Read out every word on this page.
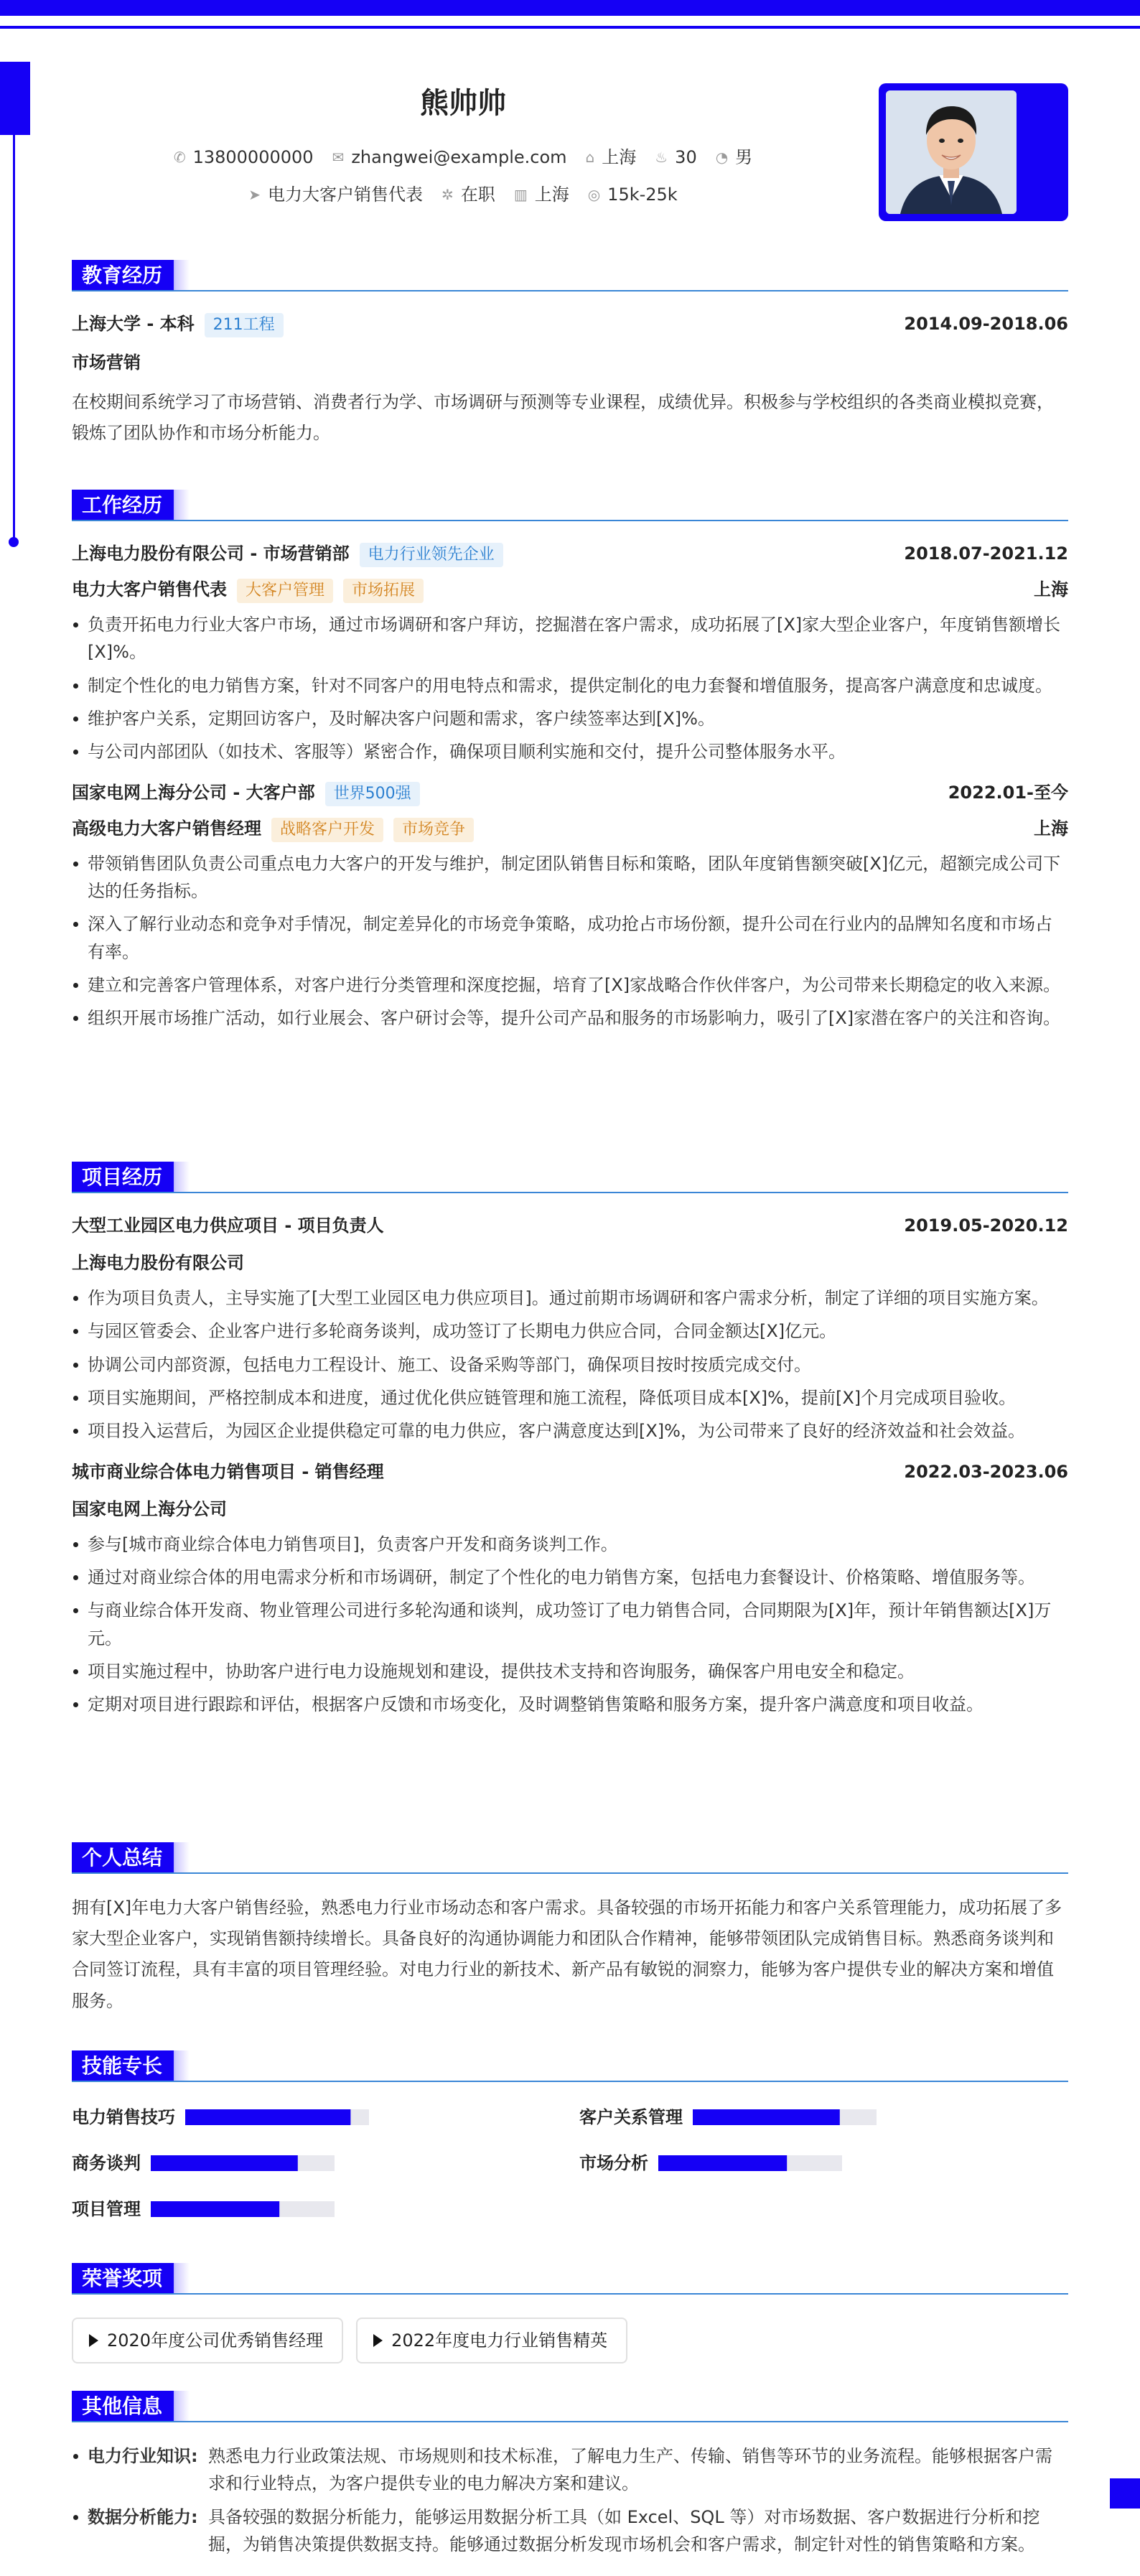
熊帅帅
✆ 13800000000 ✉ zhangwei@example.com ⌂ 上海 ♨ 30 ◔ 男
➤ 电力大客户销售代表 ✲ 在职 ▥ 上海 ◎ 15k-25k
教育经历
上海大学 - 本科 211工程	2014.09-2018.06
市场营销
在校期间系统学习了市场营销、消费者行为学、市场调研与预测等专业课程，成绩优异。积极参与学校组织的各类商业模拟竞赛，锻炼了团队协作和市场分析能力。
工作经历
上海电力股份有限公司 - 市场营销部 电力行业领先企业	2018.07-2021.12
电力大客户销售代表 大客户管理 市场拓展	上海
负责开拓电力行业大客户市场，通过市场调研和客户拜访，挖掘潜在客户需求，成功拓展了[X]家大型企业客户，年度销售额增长[X]%。
制定个性化的电力销售方案，针对不同客户的用电特点和需求，提供定制化的电力套餐和增值服务，提高客户满意度和忠诚度。
维护客户关系，定期回访客户，及时解决客户问题和需求，客户续签率达到[X]%。
与公司内部团队（如技术、客服等）紧密合作，确保项目顺利实施和交付，提升公司整体服务水平。
国家电网上海分公司 - 大客户部 世界500强	2022.01-至今
高级电力大客户销售经理 战略客户开发 市场竞争	上海
带领销售团队负责公司重点电力大客户的开发与维护，制定团队销售目标和策略，团队年度销售额突破[X]亿元，超额完成公司下达的任务指标。
深入了解行业动态和竞争对手情况，制定差异化的市场竞争策略，成功抢占市场份额，提升公司在行业内的品牌知名度和市场占有率。
建立和完善客户管理体系，对客户进行分类管理和深度挖掘，培育了[X]家战略合作伙伴客户，为公司带来长期稳定的收入来源。
组织开展市场推广活动，如行业展会、客户研讨会等，提升公司产品和服务的市场影响力，吸引了[X]家潜在客户的关注和咨询。
项目经历
大型工业园区电力供应项目 - 项目负责人	2019.05-2020.12
上海电力股份有限公司
作为项目负责人，主导实施了[大型工业园区电力供应项目]。通过前期市场调研和客户需求分析，制定了详细的项目实施方案。
与园区管委会、企业客户进行多轮商务谈判，成功签订了长期电力供应合同，合同金额达[X]亿元。
协调公司内部资源，包括电力工程设计、施工、设备采购等部门，确保项目按时按质完成交付。
项目实施期间，严格控制成本和进度，通过优化供应链管理和施工流程，降低项目成本[X]%，提前[X]个月完成项目验收。
项目投入运营后，为园区企业提供稳定可靠的电力供应，客户满意度达到[X]%，为公司带来了良好的经济效益和社会效益。
城市商业综合体电力销售项目 - 销售经理	2022.03-2023.06
国家电网上海分公司
参与[城市商业综合体电力销售项目]，负责客户开发和商务谈判工作。
通过对商业综合体的用电需求分析和市场调研，制定了个性化的电力销售方案，包括电力套餐设计、价格策略、增值服务等。
与商业综合体开发商、物业管理公司进行多轮沟通和谈判，成功签订了电力销售合同，合同期限为[X]年，预计年销售额达[X]万元。
项目实施过程中，协助客户进行电力设施规划和建设，提供技术支持和咨询服务，确保客户用电安全和稳定。
定期对项目进行跟踪和评估，根据客户反馈和市场变化，及时调整销售策略和服务方案，提升客户满意度和项目收益。
个人总结
拥有[X]年电力大客户销售经验，熟悉电力行业市场动态和客户需求。具备较强的市场开拓能力和客户关系管理能力，成功拓展了多家大型企业客户，实现销售额持续增长。具备良好的沟通协调能力和团队合作精神，能够带领团队完成销售目标。熟悉商务谈判和合同签订流程，具有丰富的项目管理经验。对电力行业的新技术、新产品有敏锐的洞察力，能够为客户提供专业的解决方案和增值服务。
技能专长
电力销售技巧	客户关系管理
商务谈判	市场分析
项目管理
荣誉奖项
2020年度公司优秀销售经理	2022年度电力行业销售精英
其他信息
电力行业知识: 熟悉电力行业政策法规、市场规则和技术标准，了解电力生产、传输、销售等环节的业务流程。能够根据客户需求和行业特点，为客户提供专业的电力解决方案和建议。
数据分析能力: 具备较强的数据分析能力，能够运用数据分析工具（如 Excel、SQL 等）对市场数据、客户数据进行分析和挖掘，为销售决策提供数据支持。能够通过数据分析发现市场机会和客户需求，制定针对性的销售策略和方案。
